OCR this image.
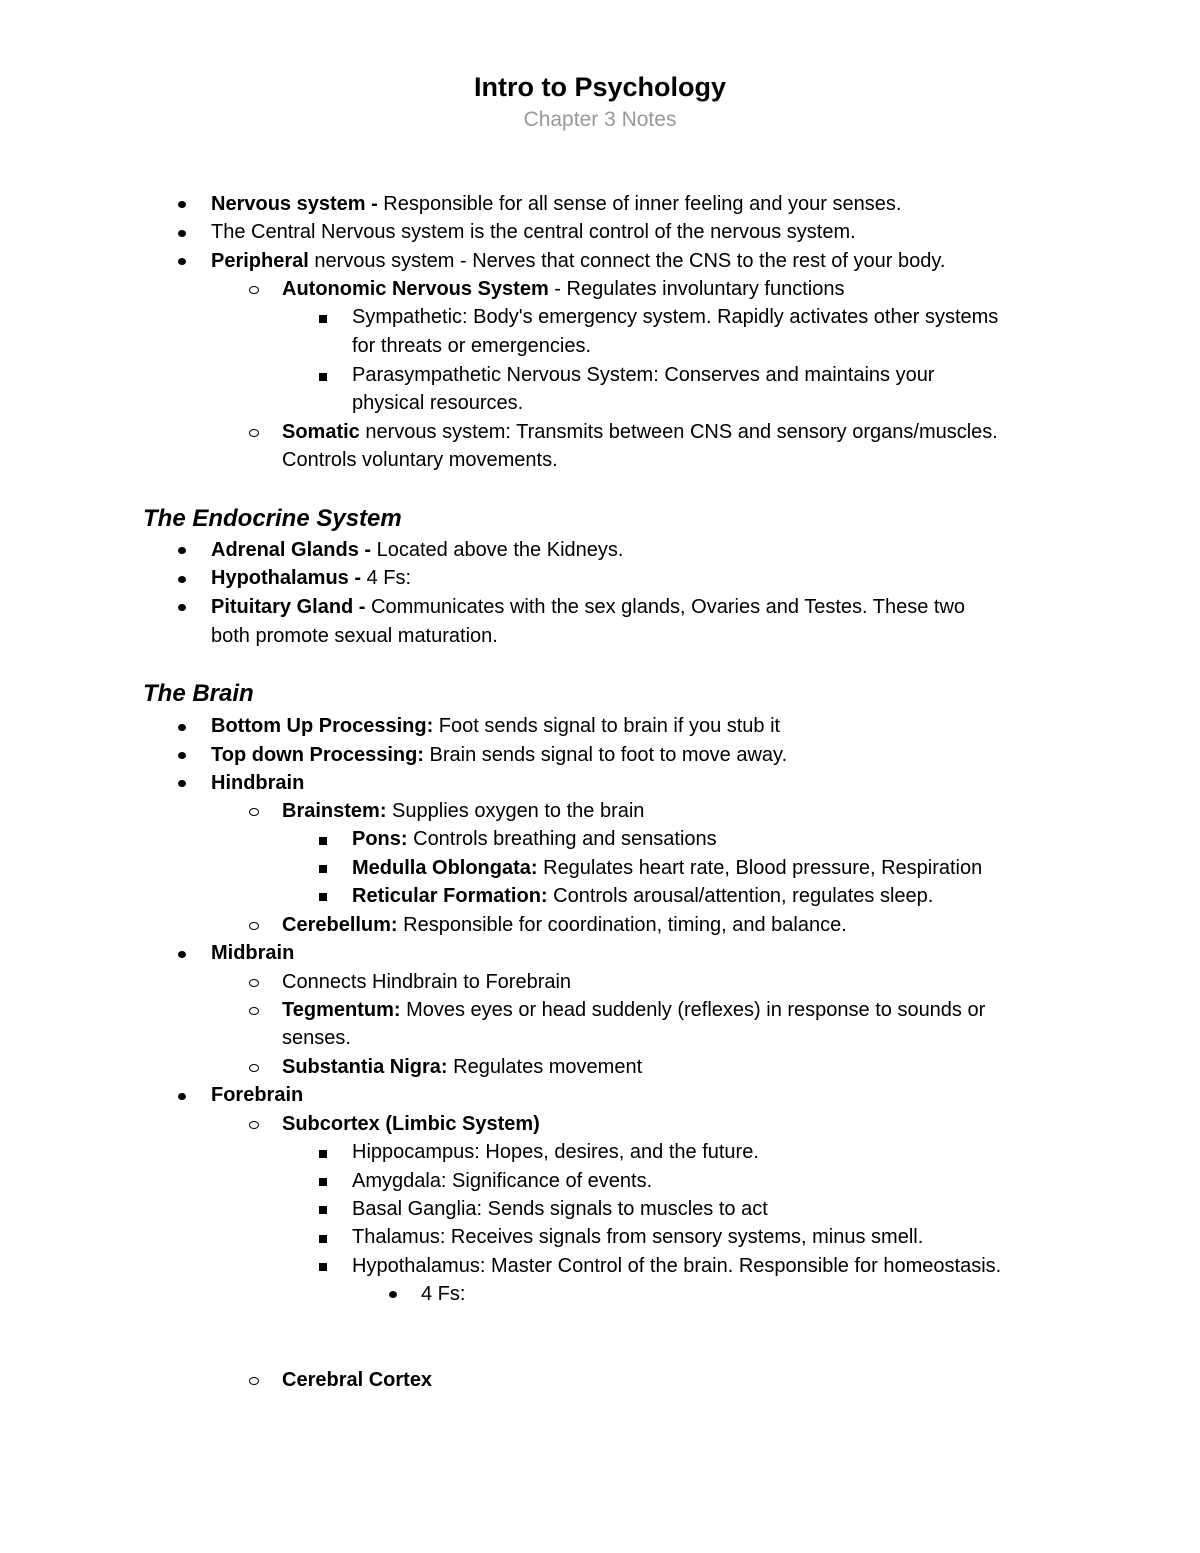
Intro to Psychology
Chapter 3 Notes
Nervous system - Responsible for all sense of inner feeling and your senses.
The Central Nervous system is the central control of the nervous system.
Peripheral nervous system - Nerves that connect the CNS to the rest of your body.
Autonomic Nervous System - Regulates involuntary functions
Sympathetic: Body's emergency system. Rapidly activates other systems
for threats or emergencies.
Parasympathetic Nervous System: Conserves and maintains your
physical resources.
Somatic nervous system: Transmits between CNS and sensory organs/muscles.
Controls voluntary movements.
The Endocrine System
Adrenal Glands - Located above the Kidneys.
Hypothalamus - 4 Fs:
Pituitary Gland - Communicates with the sex glands, Ovaries and Testes. These two
both promote sexual maturation.
The Brain
Bottom Up Processing: Foot sends signal to brain if you stub it
Top down Processing: Brain sends signal to foot to move away.
Hindbrain
Brainstem: Supplies oxygen to the brain
Pons: Controls breathing and sensations
Medulla Oblongata: Regulates heart rate, Blood pressure, Respiration
Reticular Formation: Controls arousal/attention, regulates sleep.
Cerebellum: Responsible for coordination, timing, and balance.
Midbrain
Connects Hindbrain to Forebrain
Tegmentum: Moves eyes or head suddenly (reflexes) in response to sounds or
senses.
Substantia Nigra: Regulates movement
Forebrain
Subcortex (Limbic System)
Hippocampus: Hopes, desires, and the future.
Amygdala: Significance of events.
Basal Ganglia: Sends signals to muscles to act
Thalamus: Receives signals from sensory systems, minus smell.
Hypothalamus: Master Control of the brain. Responsible for homeostasis.
4 Fs:
Cerebral Cortex
